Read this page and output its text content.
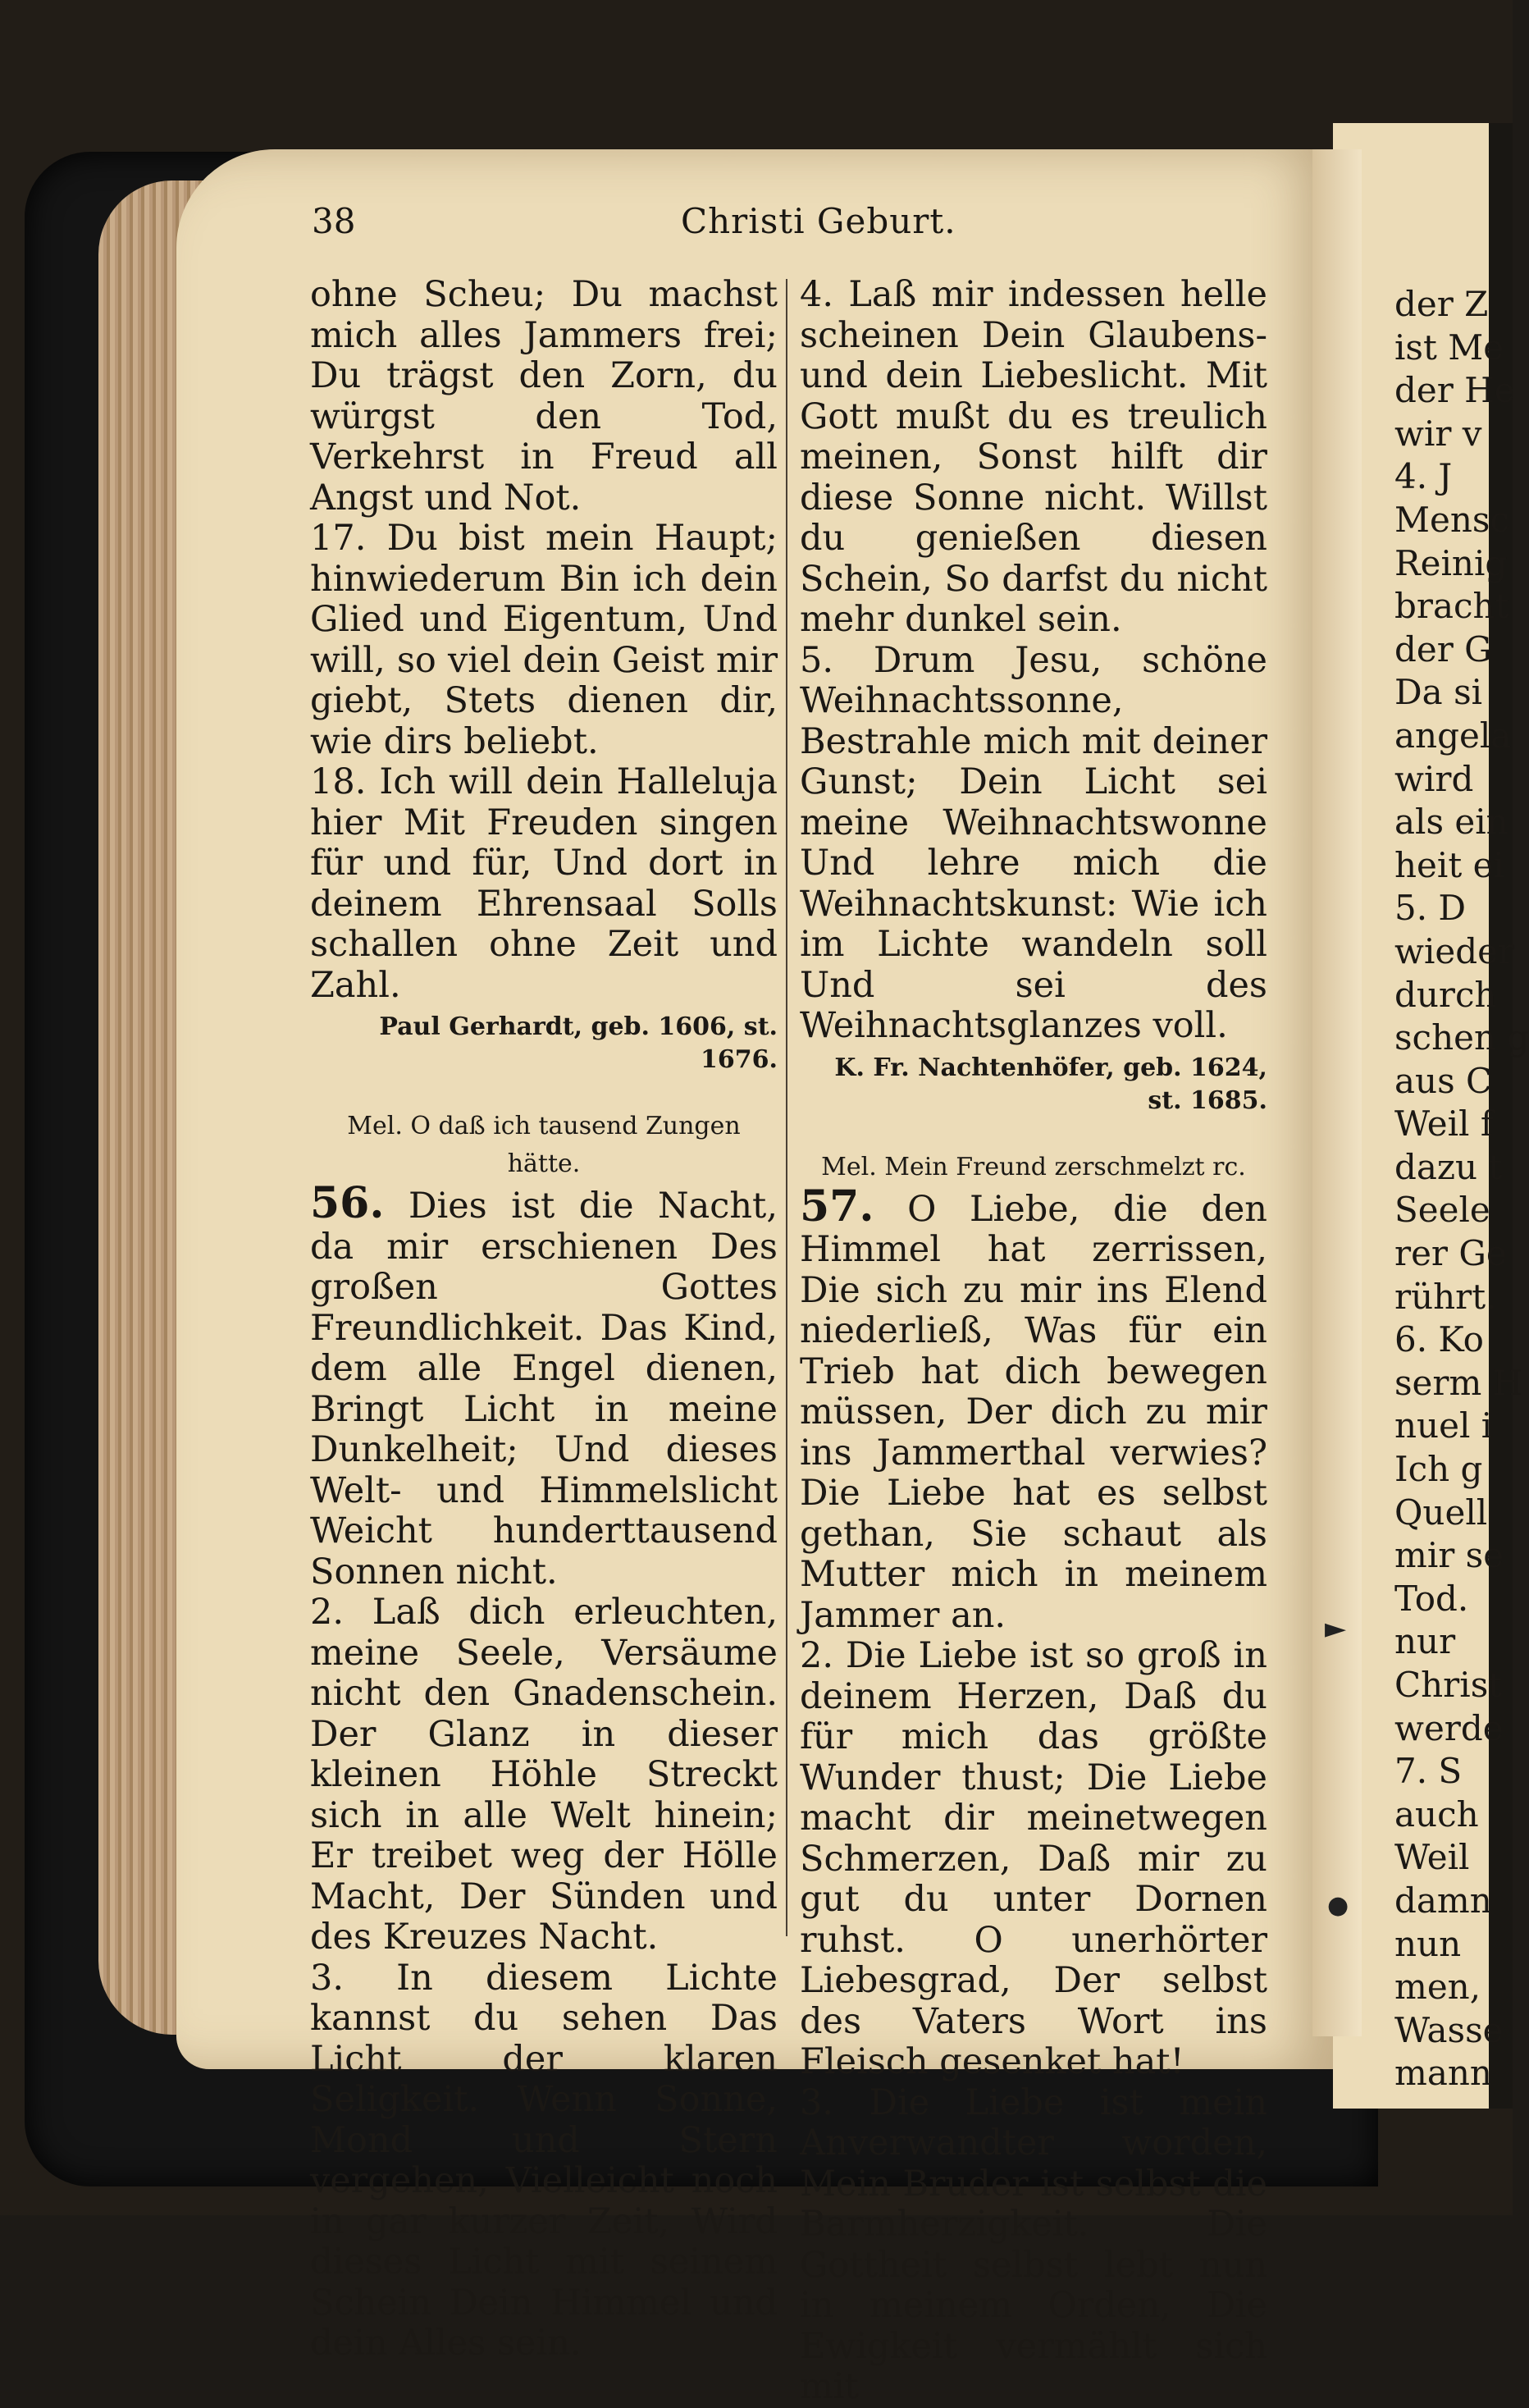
38	Christi Geburt.

ohne Scheu; Du machst mich alles Jammers frei; Du trägst den Zorn, du würgst den Tod, Verkehrst in Freud all Angst und Not.

17. Du bist mein Haupt; hinwiederum Bin ich dein Glied und Eigentum, Und will, so viel dein Geist mir giebt, Stets dienen dir, wie dirs beliebt.

18. Ich will dein Halleluja hier Mit Freuden singen für und für, Und dort in deinem Ehrensaal Solls schallen ohne Zeit und Zahl.

Paul Gerhardt, geb. 1606, st. 1676.

Mel. O daß ich tausend Zungen hätte.

56. Dies ist die Nacht, da mir erschienen Des großen Gottes Freundlichkeit. Das Kind, dem alle Engel dienen, Bringt Licht in meine Dunkelheit; Und dieses Welt- und Himmelslicht Weicht hunderttausend Sonnen nicht.

2. Laß dich erleuchten, meine Seele, Versäume nicht den Gnadenschein. Der Glanz in dieser kleinen Höhle Streckt sich in alle Welt hinein; Er treibet weg der Hölle Macht, Der Sünden und des Kreuzes Nacht.

3. In diesem Lichte kannst du sehen Das Licht der klaren Seligkeit. Wenn Sonne, Mond und Stern vergehen, Vielleicht noch in gar kurzer Zeit, Wird dieses Licht mit seinem Schein Dein Himmel und dein Alles sein.

4. Laß mir indessen helle scheinen Dein Glaubens- und dein Liebeslicht. Mit Gott mußt du es treulich meinen, Sonst hilft dir diese Sonne nicht. Willst du genießen diesen Schein, So darfst du nicht mehr dunkel sein.

5. Drum Jesu, schöne Weihnachtssonne, Bestrahle mich mit deiner Gunst; Dein Licht sei meine Weihnachtswonne Und lehre mich die Weihnachtskunst: Wie ich im Lichte wandeln soll Und sei des Weihnachtsglanzes voll.

K. Fr. Nachtenhöfer, geb. 1624, st. 1685.

Mel. Mein Freund zerschmelzt rc.

57. O Liebe, die den Himmel hat zerrissen, Die sich zu mir ins Elend niederließ, Was für ein Trieb hat dich bewegen müssen, Der dich zu mir ins Jammerthal verwies? Die Liebe hat es selbst gethan, Sie schaut als Mutter mich in meinem Jammer an.

2. Die Liebe ist so groß in deinem Herzen, Daß du für mich das größte Wunder thust; Die Liebe macht dir meinetwegen Schmerzen, Daß mir zu gut du unter Dornen ruhst. O unerhörter Liebesgrad, Der selbst des Vaters Wort ins Fleisch gesenket hat!

3. Die Liebe ist mein Anverwandter worden, Mein Bruder ist selbst die Barmherzigkeit. Die Gottheit selbst lebt nun in meinem Orden, Die Ewigkeit vermählt sich mit

der Z

ist Me

der He

wir v

4. J

Mensc

Reinig

bracht

der G

Da si

angela

wird

als ein

heit ei

5. D

wieder

durch

schen g

aus C

Weil f

dazu t

Seele

rer Ge

rührt.

6. Ko

serm H

nuel i

Ich g

Quell

mir se

Tod.

nur

Christ

werde

7. S

auch

Weil

damn

nun

men,

Wasse

mann

►
●
